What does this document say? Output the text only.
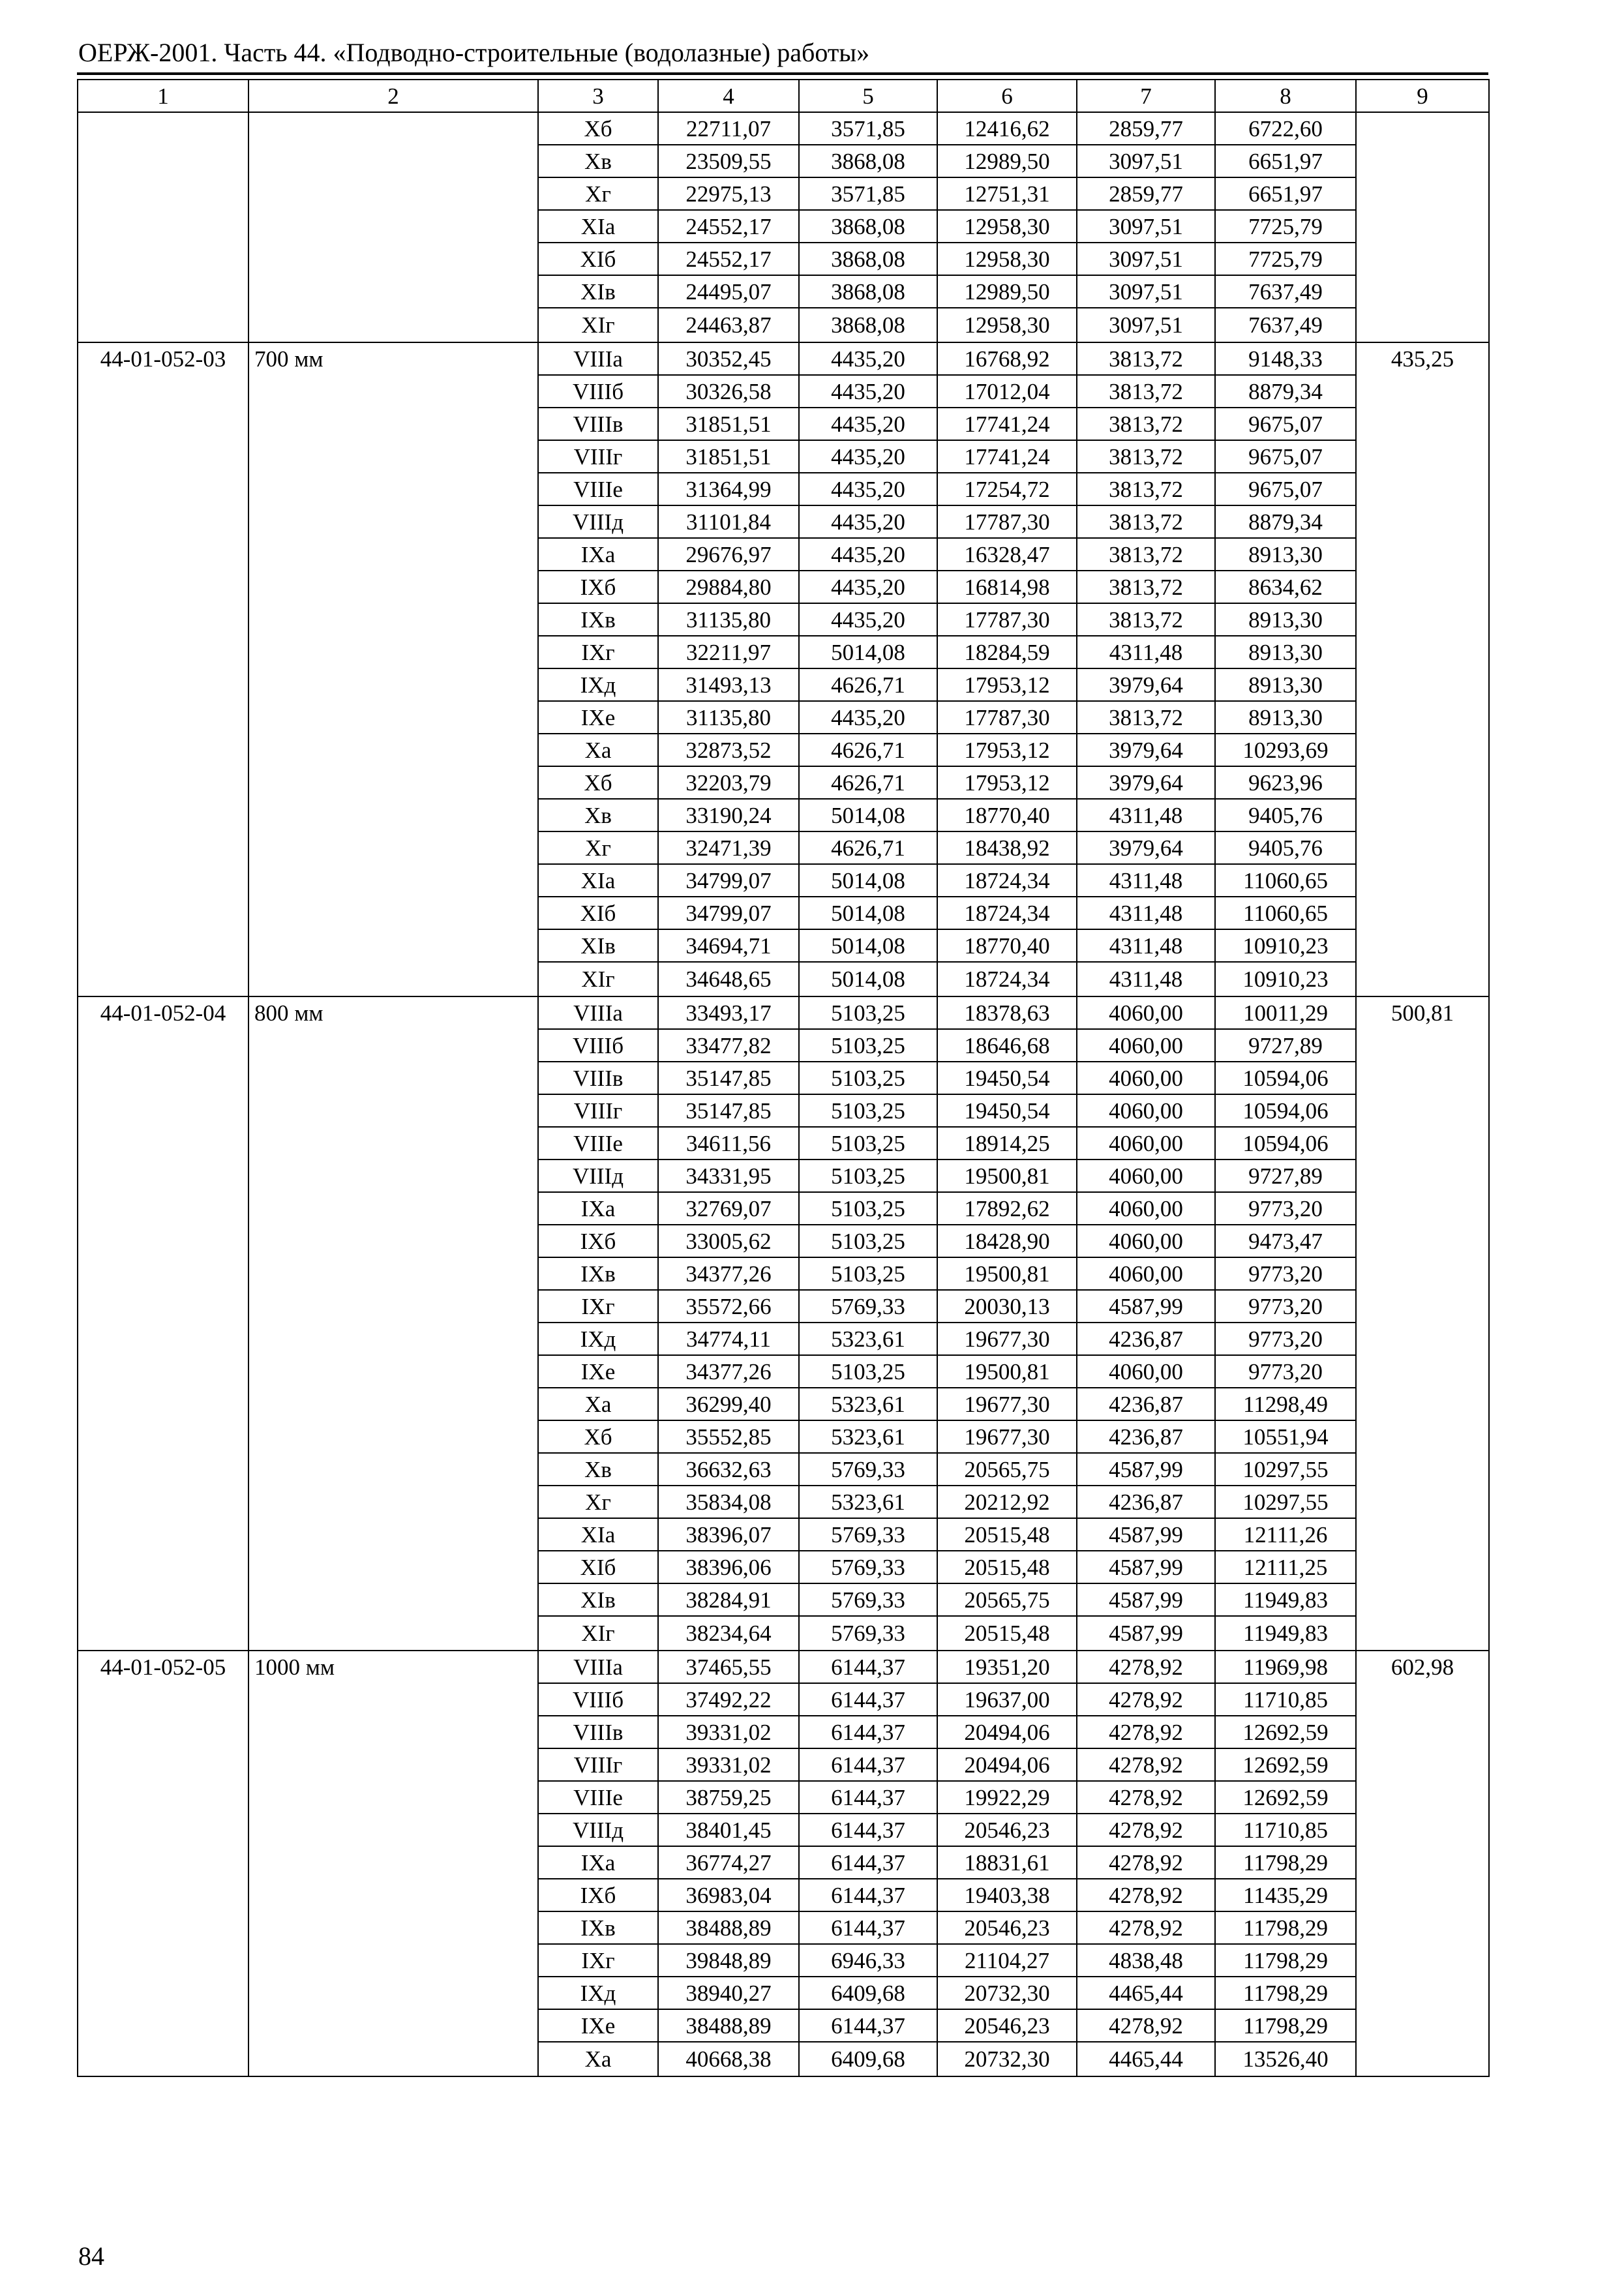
ОЕРЖ-2001. Часть 44. «Подводно-строительные (водолазные) работы»
1	2	3	4	5	6	7	8	9
		Хб	22711,07	3571,85	12416,62	2859,77	6722,60	
		Хв	23509,55	3868,08	12989,50	3097,51	6651,97	
		Хг	22975,13	3571,85	12751,31	2859,77	6651,97	
		ХIа	24552,17	3868,08	12958,30	3097,51	7725,79	
		ХIб	24552,17	3868,08	12958,30	3097,51	7725,79	
		ХIв	24495,07	3868,08	12989,50	3097,51	7637,49	
		ХIг	24463,87	3868,08	12958,30	3097,51	7637,49	
44-01-052-03	700 мм	VIIIа	30352,45	4435,20	16768,92	3813,72	9148,33	435,25
		VIIIб	30326,58	4435,20	17012,04	3813,72	8879,34	
		VIIIв	31851,51	4435,20	17741,24	3813,72	9675,07	
		VIIIг	31851,51	4435,20	17741,24	3813,72	9675,07	
		VIIIе	31364,99	4435,20	17254,72	3813,72	9675,07	
		VIIIд	31101,84	4435,20	17787,30	3813,72	8879,34	
		IХа	29676,97	4435,20	16328,47	3813,72	8913,30	
		IХб	29884,80	4435,20	16814,98	3813,72	8634,62	
		IХв	31135,80	4435,20	17787,30	3813,72	8913,30	
		IХг	32211,97	5014,08	18284,59	4311,48	8913,30	
		IХд	31493,13	4626,71	17953,12	3979,64	8913,30	
		IХе	31135,80	4435,20	17787,30	3813,72	8913,30	
		Ха	32873,52	4626,71	17953,12	3979,64	10293,69	
		Хб	32203,79	4626,71	17953,12	3979,64	9623,96	
		Хв	33190,24	5014,08	18770,40	4311,48	9405,76	
		Хг	32471,39	4626,71	18438,92	3979,64	9405,76	
		ХIа	34799,07	5014,08	18724,34	4311,48	11060,65	
		ХIб	34799,07	5014,08	18724,34	4311,48	11060,65	
		ХIв	34694,71	5014,08	18770,40	4311,48	10910,23	
		ХIг	34648,65	5014,08	18724,34	4311,48	10910,23	
44-01-052-04	800 мм	VIIIа	33493,17	5103,25	18378,63	4060,00	10011,29	500,81
		VIIIб	33477,82	5103,25	18646,68	4060,00	9727,89	
		VIIIв	35147,85	5103,25	19450,54	4060,00	10594,06	
		VIIIг	35147,85	5103,25	19450,54	4060,00	10594,06	
		VIIIе	34611,56	5103,25	18914,25	4060,00	10594,06	
		VIIIд	34331,95	5103,25	19500,81	4060,00	9727,89	
		IХа	32769,07	5103,25	17892,62	4060,00	9773,20	
		IХб	33005,62	5103,25	18428,90	4060,00	9473,47	
		IХв	34377,26	5103,25	19500,81	4060,00	9773,20	
		IХг	35572,66	5769,33	20030,13	4587,99	9773,20	
		IХд	34774,11	5323,61	19677,30	4236,87	9773,20	
		IХе	34377,26	5103,25	19500,81	4060,00	9773,20	
		Ха	36299,40	5323,61	19677,30	4236,87	11298,49	
		Хб	35552,85	5323,61	19677,30	4236,87	10551,94	
		Хв	36632,63	5769,33	20565,75	4587,99	10297,55	
		Хг	35834,08	5323,61	20212,92	4236,87	10297,55	
		ХIа	38396,07	5769,33	20515,48	4587,99	12111,26	
		ХIб	38396,06	5769,33	20515,48	4587,99	12111,25	
		ХIв	38284,91	5769,33	20565,75	4587,99	11949,83	
		ХIг	38234,64	5769,33	20515,48	4587,99	11949,83	
44-01-052-05	1000 мм	VIIIа	37465,55	6144,37	19351,20	4278,92	11969,98	602,98
		VIIIб	37492,22	6144,37	19637,00	4278,92	11710,85	
		VIIIв	39331,02	6144,37	20494,06	4278,92	12692,59	
		VIIIг	39331,02	6144,37	20494,06	4278,92	12692,59	
		VIIIе	38759,25	6144,37	19922,29	4278,92	12692,59	
		VIIIд	38401,45	6144,37	20546,23	4278,92	11710,85	
		IХа	36774,27	6144,37	18831,61	4278,92	11798,29	
		IХб	36983,04	6144,37	19403,38	4278,92	11435,29	
		IХв	38488,89	6144,37	20546,23	4278,92	11798,29	
		IХг	39848,89	6946,33	21104,27	4838,48	11798,29	
		IХд	38940,27	6409,68	20732,30	4465,44	11798,29	
		IХе	38488,89	6144,37	20546,23	4278,92	11798,29	
		Ха	40668,38	6409,68	20732,30	4465,44	13526,40	
84
